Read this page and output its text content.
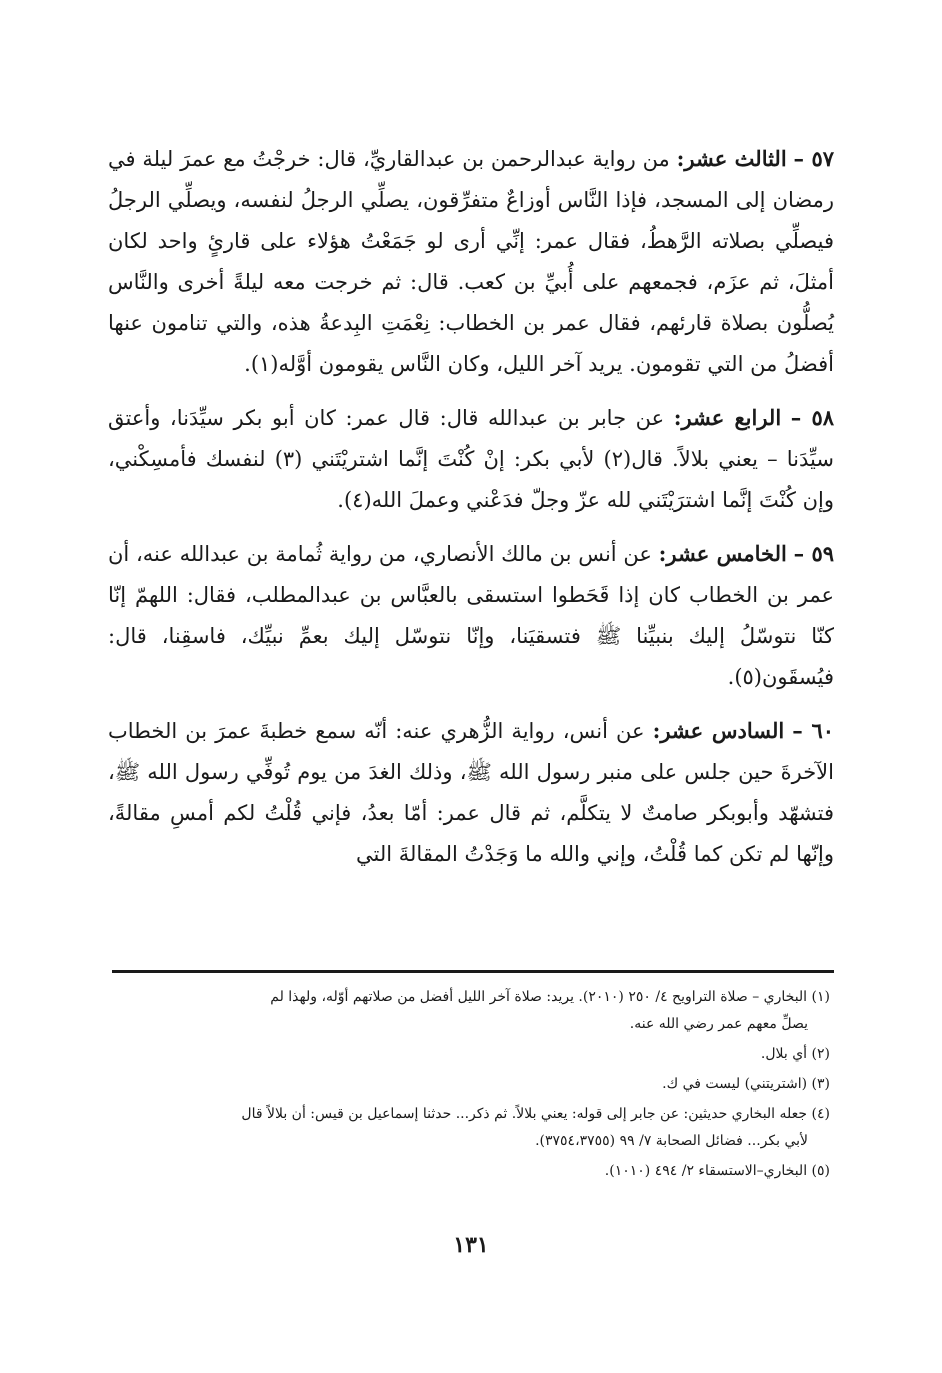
٥٧ – الثالث عشر: من رواية عبدالرحمن بن عبدالقاريِّ، قال: خرجْتُ مع عمرَ ليلة في رمضان إلى المسجد، فإذا النَّاس أوزاعٌ متفرِّقون، يصلِّي الرجلُ لنفسه، ويصلِّي الرجلُ فيصلِّي بصلاته الرَّهطُ، فقال عمر: إنِّي أرى لو جَمَعْتُ هؤلاء على قارئٍ واحد لكان أمثلَ، ثم عزَم، فجمعهم على أُبيِّ بن كعب. قال: ثم خرجت معه ليلةً أخرى والنَّاس يُصلُّون بصلاة قارئهم، فقال عمر بن الخطاب: نِعْمَتِ البِدعةُ هذه، والتي تنامون عنها أفضلُ من التي تقومون. يريد آخر الليل، وكان النَّاس يقومون أوَّله(١).

٥٨ – الرابع عشر: عن جابر بن عبدالله قال: قال عمر: كان أبو بكر سيِّدَنا، وأعتق سيِّدَنا – يعني بلالاً. قال(٢) لأبي بكر: إنْ كُنْتَ إنَّما اشتريْتَني (٣) لنفسك فأمسِكْني، وإن كُنْتَ إنَّما اشترَيْتَني لله عزّ وجلّ فدَعْني وعملَ الله(٤).

٥٩ – الخامس عشر: عن أنس بن مالك الأنصاري، من رواية ثُمامة بن عبدالله عنه، أن عمر بن الخطاب كان إذا قَحَطوا استسقى بالعبَّاس بن عبدالمطلب، فقال: اللهمّ إنّا كنّا نتوسّلُ إليك بنبيِّنا ﷺ فتسقيَنا، وإنّا نتوسّل إليك بعمِّ نبيِّك، فاسقِنا، قال: فيُسقَون(٥).

٦٠ – السادس عشر: عن أنس، رواية الزُّهري عنه: أنّه سمع خطبةَ عمرَ بن الخطاب الآخرةَ حين جلس على منبر رسول الله ﷺ، وذلك الغدَ من يوم تُوفِّي رسول الله ﷺ، فتشهّد وأبوبكر صامتٌ لا يتكلَّم، ثم قال عمر: أمّا بعدُ، فإني قُلْتُ لكم أمسِ مقالةً، وإنّها لم تكن كما قُلْتُ، وإني والله ما وَجَدْتُ المقالةَ التي

(١) البخاري – صلاة التراويح ٤/ ٢٥٠ (٢٠١٠). يريد: صلاة آخر الليل أفضل من صلاتهم أوّله، ولهذا لم
يصلِّ معهم عمر رضي الله عنه.

(٢) أي بلال.

(٣) (اشتريتني) ليست في ك.

(٤) جعله البخاري حديثين: عن جابر إلى قوله: يعني بلالاً. ثم ذكر... حدثنا إسماعيل بن قيس: أن بلالاً قال
لأبي بكر... فضائل الصحابة ٧/ ٩٩ (٣٧٥٤،٣٧٥٥).

(٥) البخاري–الاستسقاء ٢/ ٤٩٤ (١٠١٠).

١٣١
